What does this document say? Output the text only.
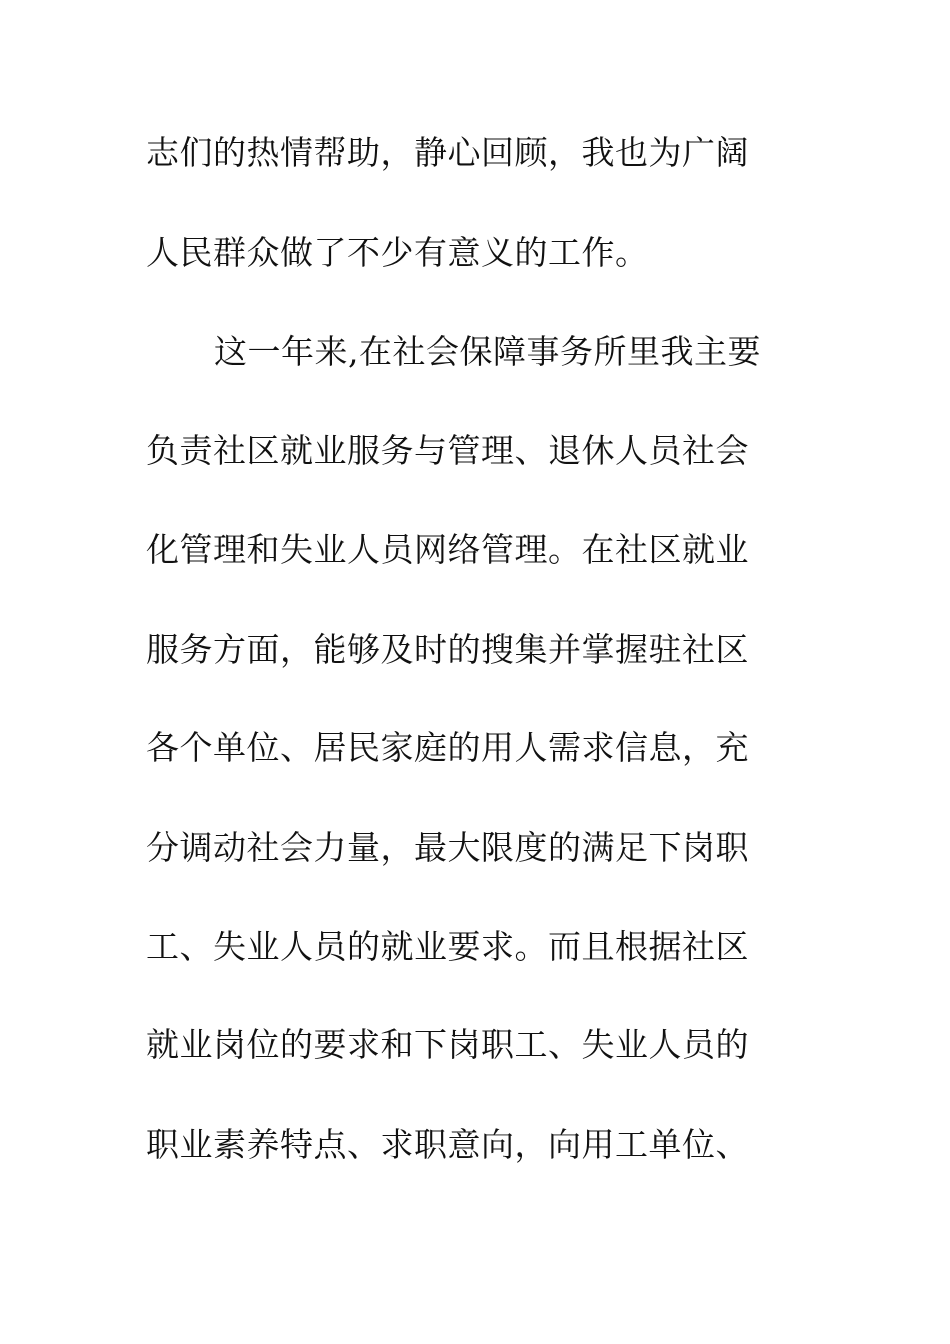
志们的热情帮助，静心回顾，我也为广阔
人民群众做了不少有意义的工作。
这一年来,在社会保障事务所里我主要
负责社区就业服务与管理、退休人员社会
化管理和失业人员网络管理。在社区就业
服务方面，能够及时的搜集并掌握驻社区
各个单位、居民家庭的用人需求信息，充
分调动社会力量，最大限度的满足下岗职
工、失业人员的就业要求。而且根据社区
就业岗位的要求和下岗职工、失业人员的
职业素养特点、求职意向，向用工单位、
